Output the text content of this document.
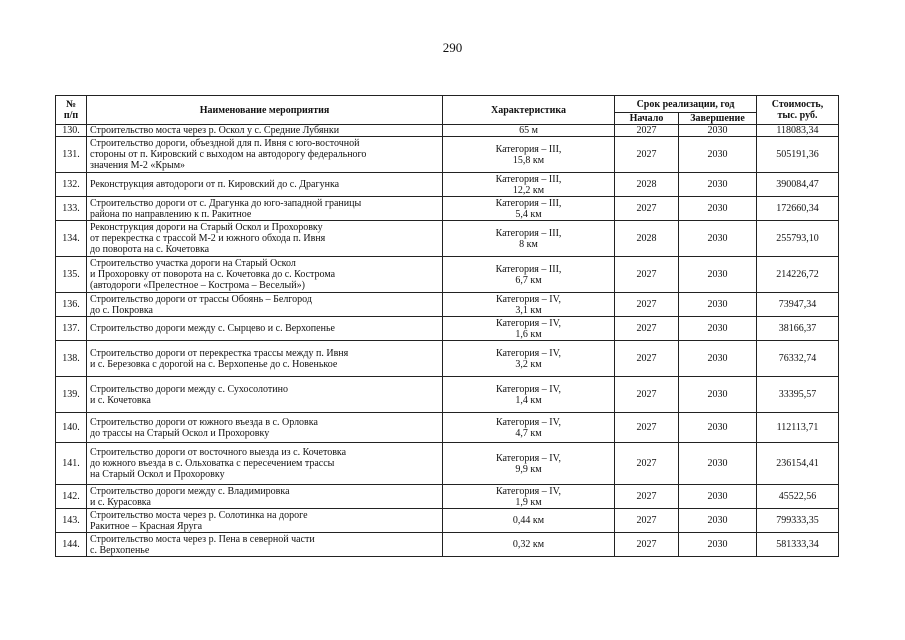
290
№
п/п	Наименование мероприятия	Характеристика	Срок реализации, год		Стоимость,
тыс. руб.
			Начало	Завершение	
130.	Строительство моста через р. Оскол у с. Средние Лубянки	65 м	2027	2030	118083,34
131.	Строительство дороги, объездной для п. Ивня с юго-восточной
стороны от п. Кировский с выходом на автодорогу федерального
значения М-2 «Крым»	Категория – III,
15,8 км	2027	2030	505191,36
132.	Реконструкция автодороги от п. Кировский до с. Драгунка	Категория – III,
12,2 км	2028	2030	390084,47
133.	Строительство дороги от с. Драгунка до юго-западной границы
района по направлению к п. Ракитное	Категория – III,
5,4 км	2027	2030	172660,34
134.	Реконструкция дороги на Старый Оскол и Прохоровку
от перекрестка с трассой М-2 и южного обхода п. Ивня
до поворота на с. Кочетовка	Категория – III,
8 км	2028	2030	255793,10
135.	Строительство участка дороги на Старый Оскол
и Прохоровку от поворота на с. Кочетовка до с. Кострома
(автодороги «Прелестное – Кострома – Веселый»)	Категория – III,
6,7 км	2027	2030	214226,72
136.	Строительство дороги от трассы Обоянь – Белгород
до с. Покровка	Категория – IV,
3,1 км	2027	2030	73947,34
137.	Строительство дороги между с. Сырцево и с. Верхопенье	Категория – IV,
1,6 км	2027	2030	38166,37
138.	Строительство дороги от перекрестка трассы между п. Ивня
и с. Березовка с дорогой на с. Верхопенье до с. Новенькое	Категория – IV,
3,2 км	2027	2030	76332,74
139.	Строительство дороги между с. Сухосолотино
и с. Кочетовка	Категория – IV,
1,4 км	2027	2030	33395,57
140.	Строительство дороги от южного въезда в с. Орловка
до трассы на Старый Оскол и Прохоровку	Категория – IV,
4,7 км	2027	2030	112113,71
141.	Строительство дороги от восточного выезда из с. Кочетовка
до южного въезда в с. Ольховатка с пересечением трассы
на Старый Оскол и Прохоровку	Категория – IV,
9,9 км	2027	2030	236154,41
142.	Строительство дороги между с. Владимировка
и с. Курасовка	Категория – IV,
1,9 км	2027	2030	45522,56
143.	Строительство моста через р. Солотинка на дороге
Ракитное – Красная Яруга	0,44 км	2027	2030	799333,35
144.	Строительство моста через р. Пена в северной части
с. Верхопенье	0,32 км	2027	2030	581333,34
